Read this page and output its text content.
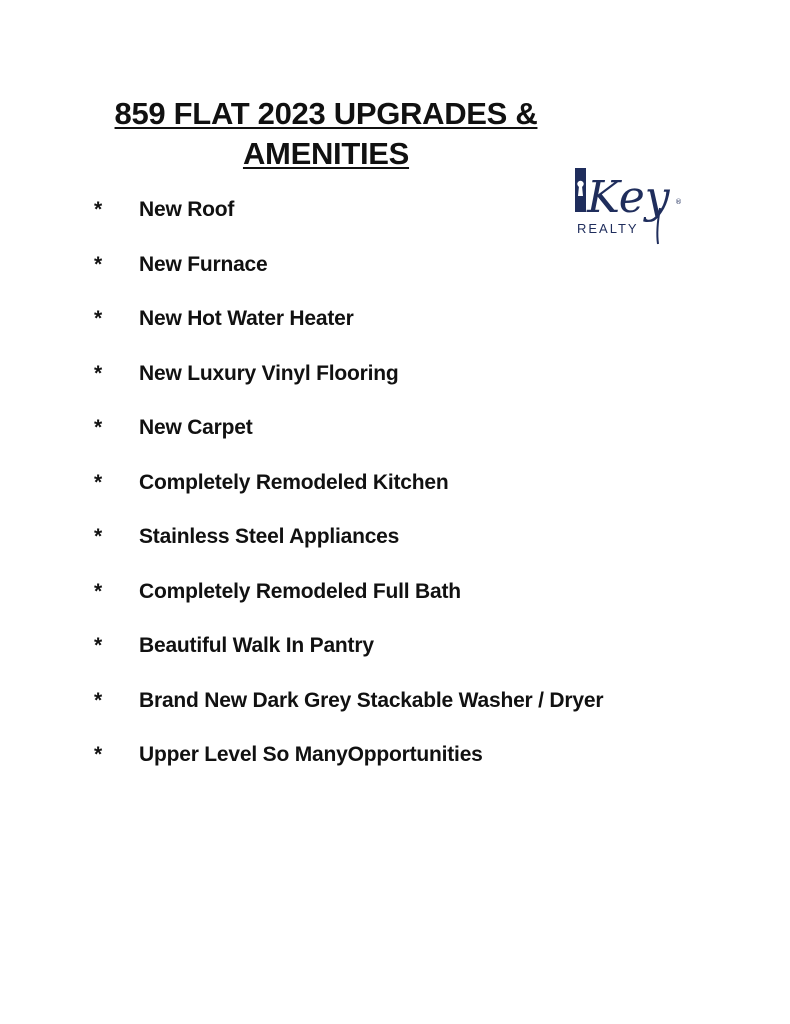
859 FLAT 2023 UPGRADES &
AMENITIES
Key ®
REALTY
* New Roof
* New Furnace
* New Hot Water Heater
* New Luxury Vinyl Flooring
* New Carpet
* Completely Remodeled Kitchen
* Stainless Steel Appliances
* Completely Remodeled Full Bath
* Beautiful Walk In Pantry
* Brand New Dark Grey Stackable Washer / Dryer
* Upper Level So ManyOpportunities
